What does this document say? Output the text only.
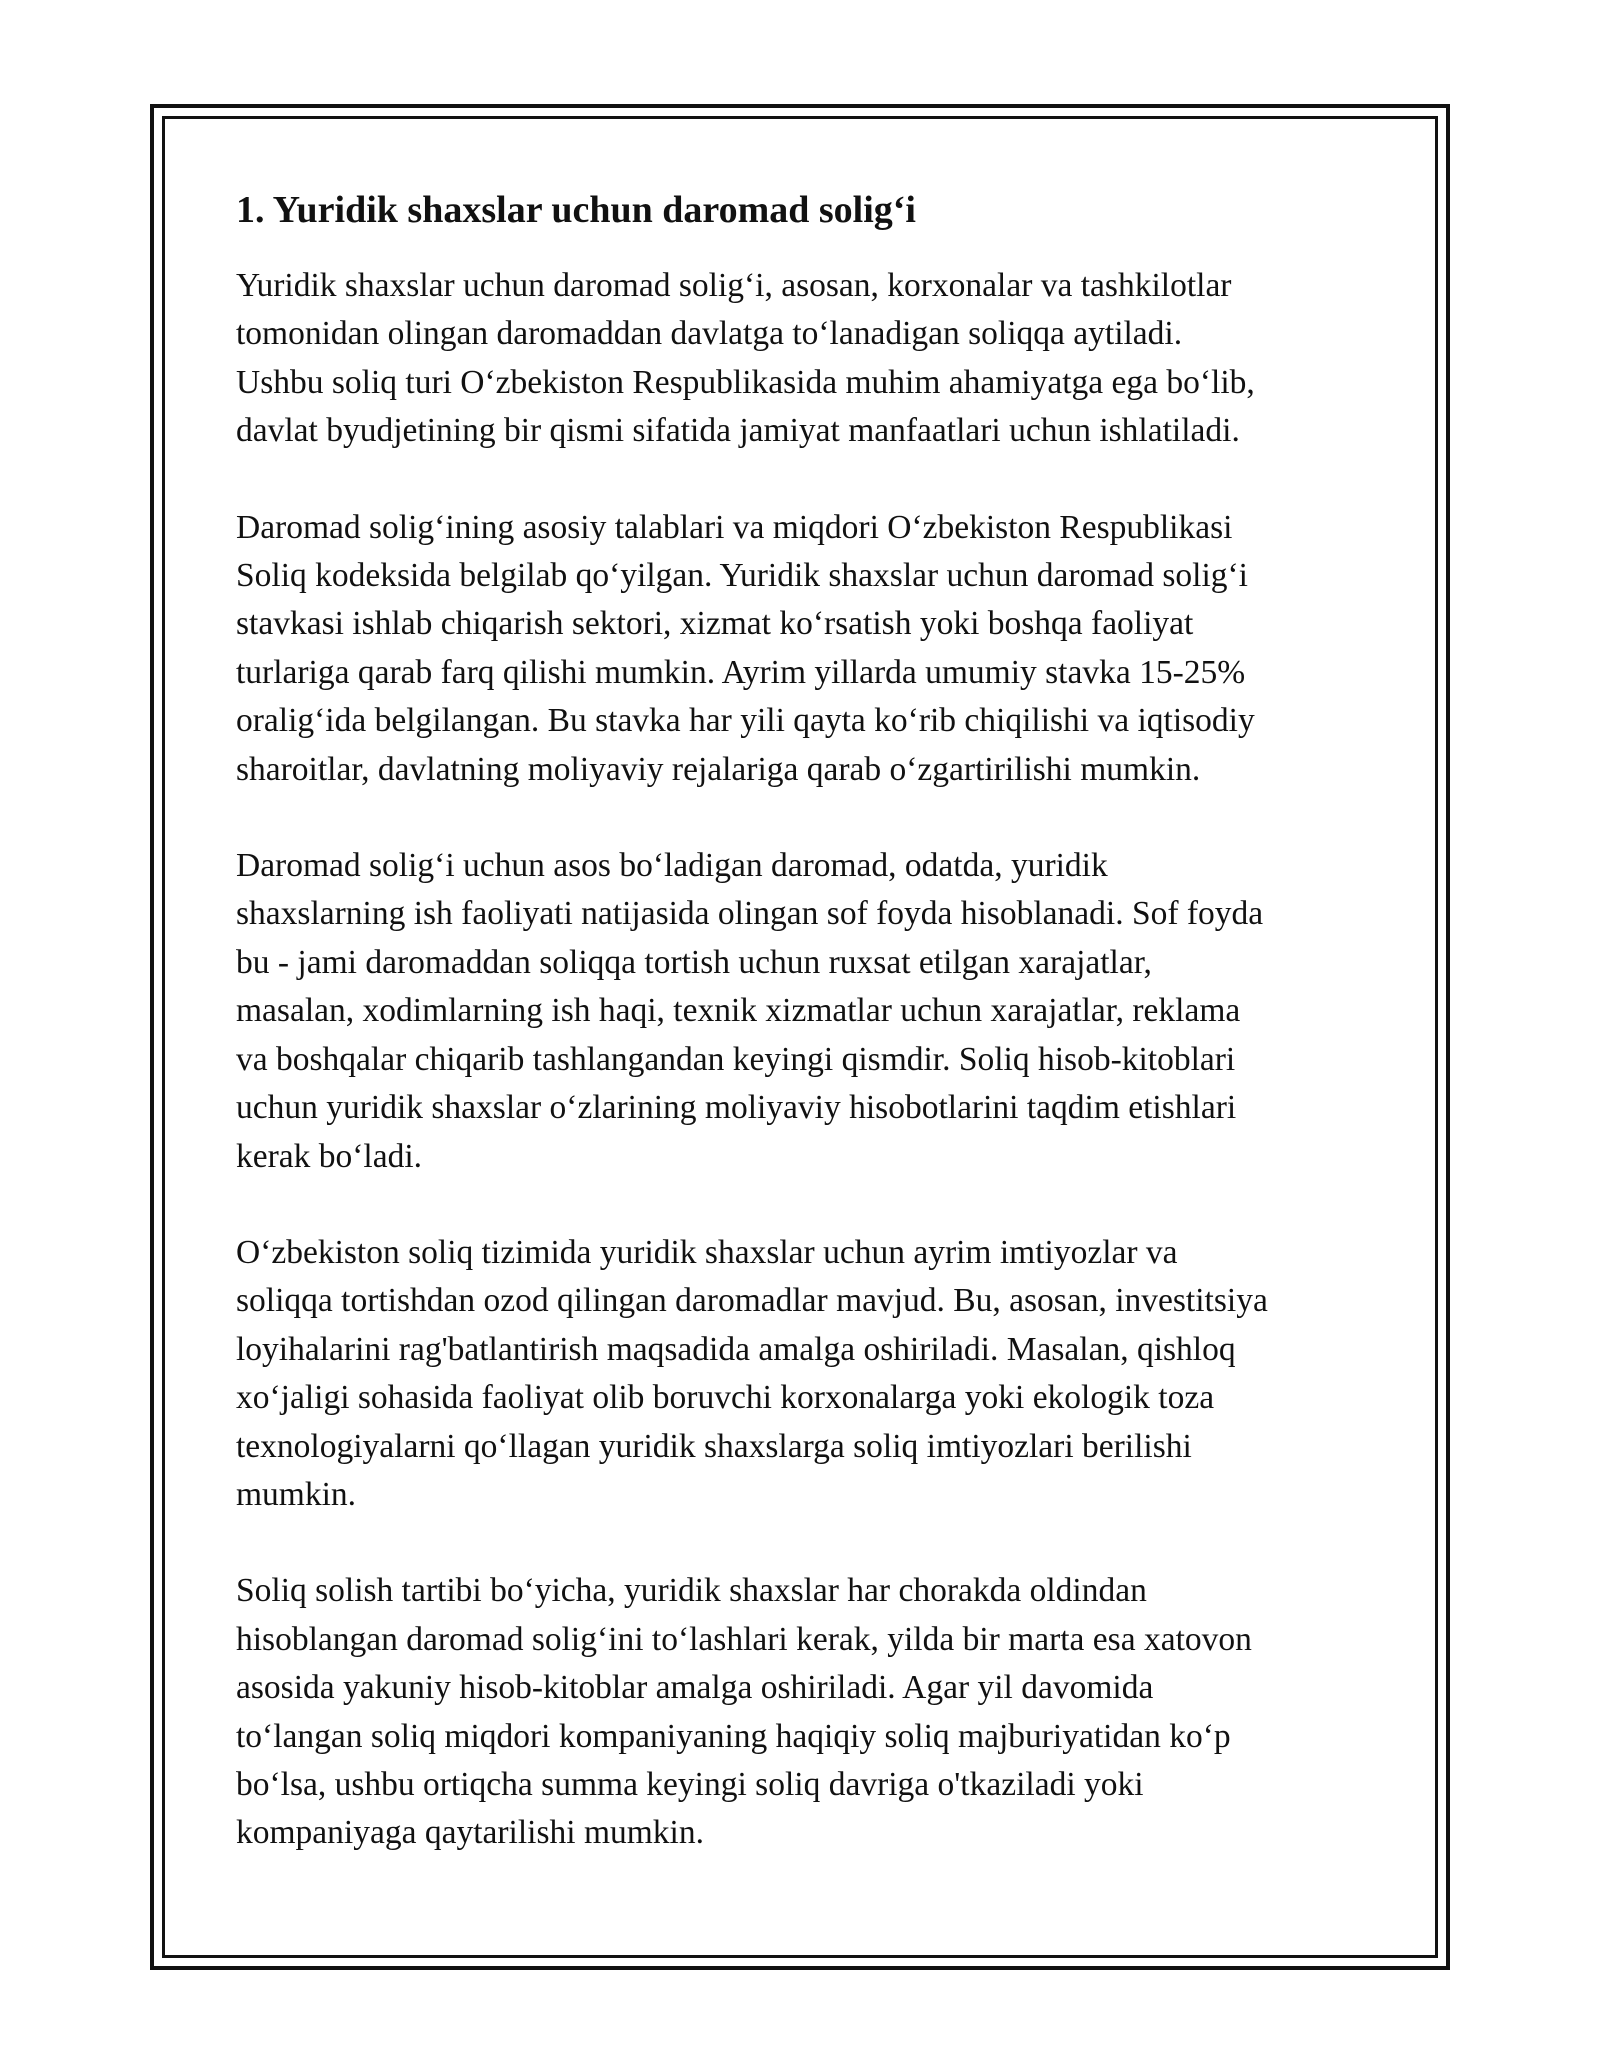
1. Yuridik shaxslar uchun daromad solig‘i

Yuridik shaxslar uchun daromad solig‘i, asosan, korxonalar va tashkilotlar
tomonidan olingan daromaddan davlatga to‘lanadigan soliqqa aytiladi.
Ushbu soliq turi O‘zbekiston Respublikasida muhim ahamiyatga ega bo‘lib,
davlat byudjetining bir qismi sifatida jamiyat manfaatlari uchun ishlatiladi.

Daromad solig‘ining asosiy talablari va miqdori O‘zbekiston Respublikasi
Soliq kodeksida belgilab qo‘yilgan. Yuridik shaxslar uchun daromad solig‘i
stavkasi ishlab chiqarish sektori, xizmat ko‘rsatish yoki boshqa faoliyat
turlariga qarab farq qilishi mumkin. Ayrim yillarda umumiy stavka 15-25%
oralig‘ida belgilangan. Bu stavka har yili qayta ko‘rib chiqilishi va iqtisodiy
sharoitlar, davlatning moliyaviy rejalariga qarab o‘zgartirilishi mumkin.

Daromad solig‘i uchun asos bo‘ladigan daromad, odatda, yuridik
shaxslarning ish faoliyati natijasida olingan sof foyda hisoblanadi. Sof foyda
bu - jami daromaddan soliqqa tortish uchun ruxsat etilgan xarajatlar,
masalan, xodimlarning ish haqi, texnik xizmatlar uchun xarajatlar, reklama
va boshqalar chiqarib tashlangandan keyingi qismdir. Soliq hisob-kitoblari
uchun yuridik shaxslar o‘zlarining moliyaviy hisobotlarini taqdim etishlari
kerak bo‘ladi.

O‘zbekiston soliq tizimida yuridik shaxslar uchun ayrim imtiyozlar va
soliqqa tortishdan ozod qilingan daromadlar mavjud. Bu, asosan, investitsiya
loyihalarini rag'batlantirish maqsadida amalga oshiriladi. Masalan, qishloq
xo‘jaligi sohasida faoliyat olib boruvchi korxonalarga yoki ekologik toza
texnologiyalarni qo‘llagan yuridik shaxslarga soliq imtiyozlari berilishi
mumkin.

Soliq solish tartibi bo‘yicha, yuridik shaxslar har chorakda oldindan
hisoblangan daromad solig‘ini to‘lashlari kerak, yilda bir marta esa xatovon
asosida yakuniy hisob-kitoblar amalga oshiriladi. Agar yil davomida
to‘langan soliq miqdori kompaniyaning haqiqiy soliq majburiyatidan ko‘p
bo‘lsa, ushbu ortiqcha summa keyingi soliq davriga o'tkaziladi yoki
kompaniyaga qaytarilishi mumkin.
